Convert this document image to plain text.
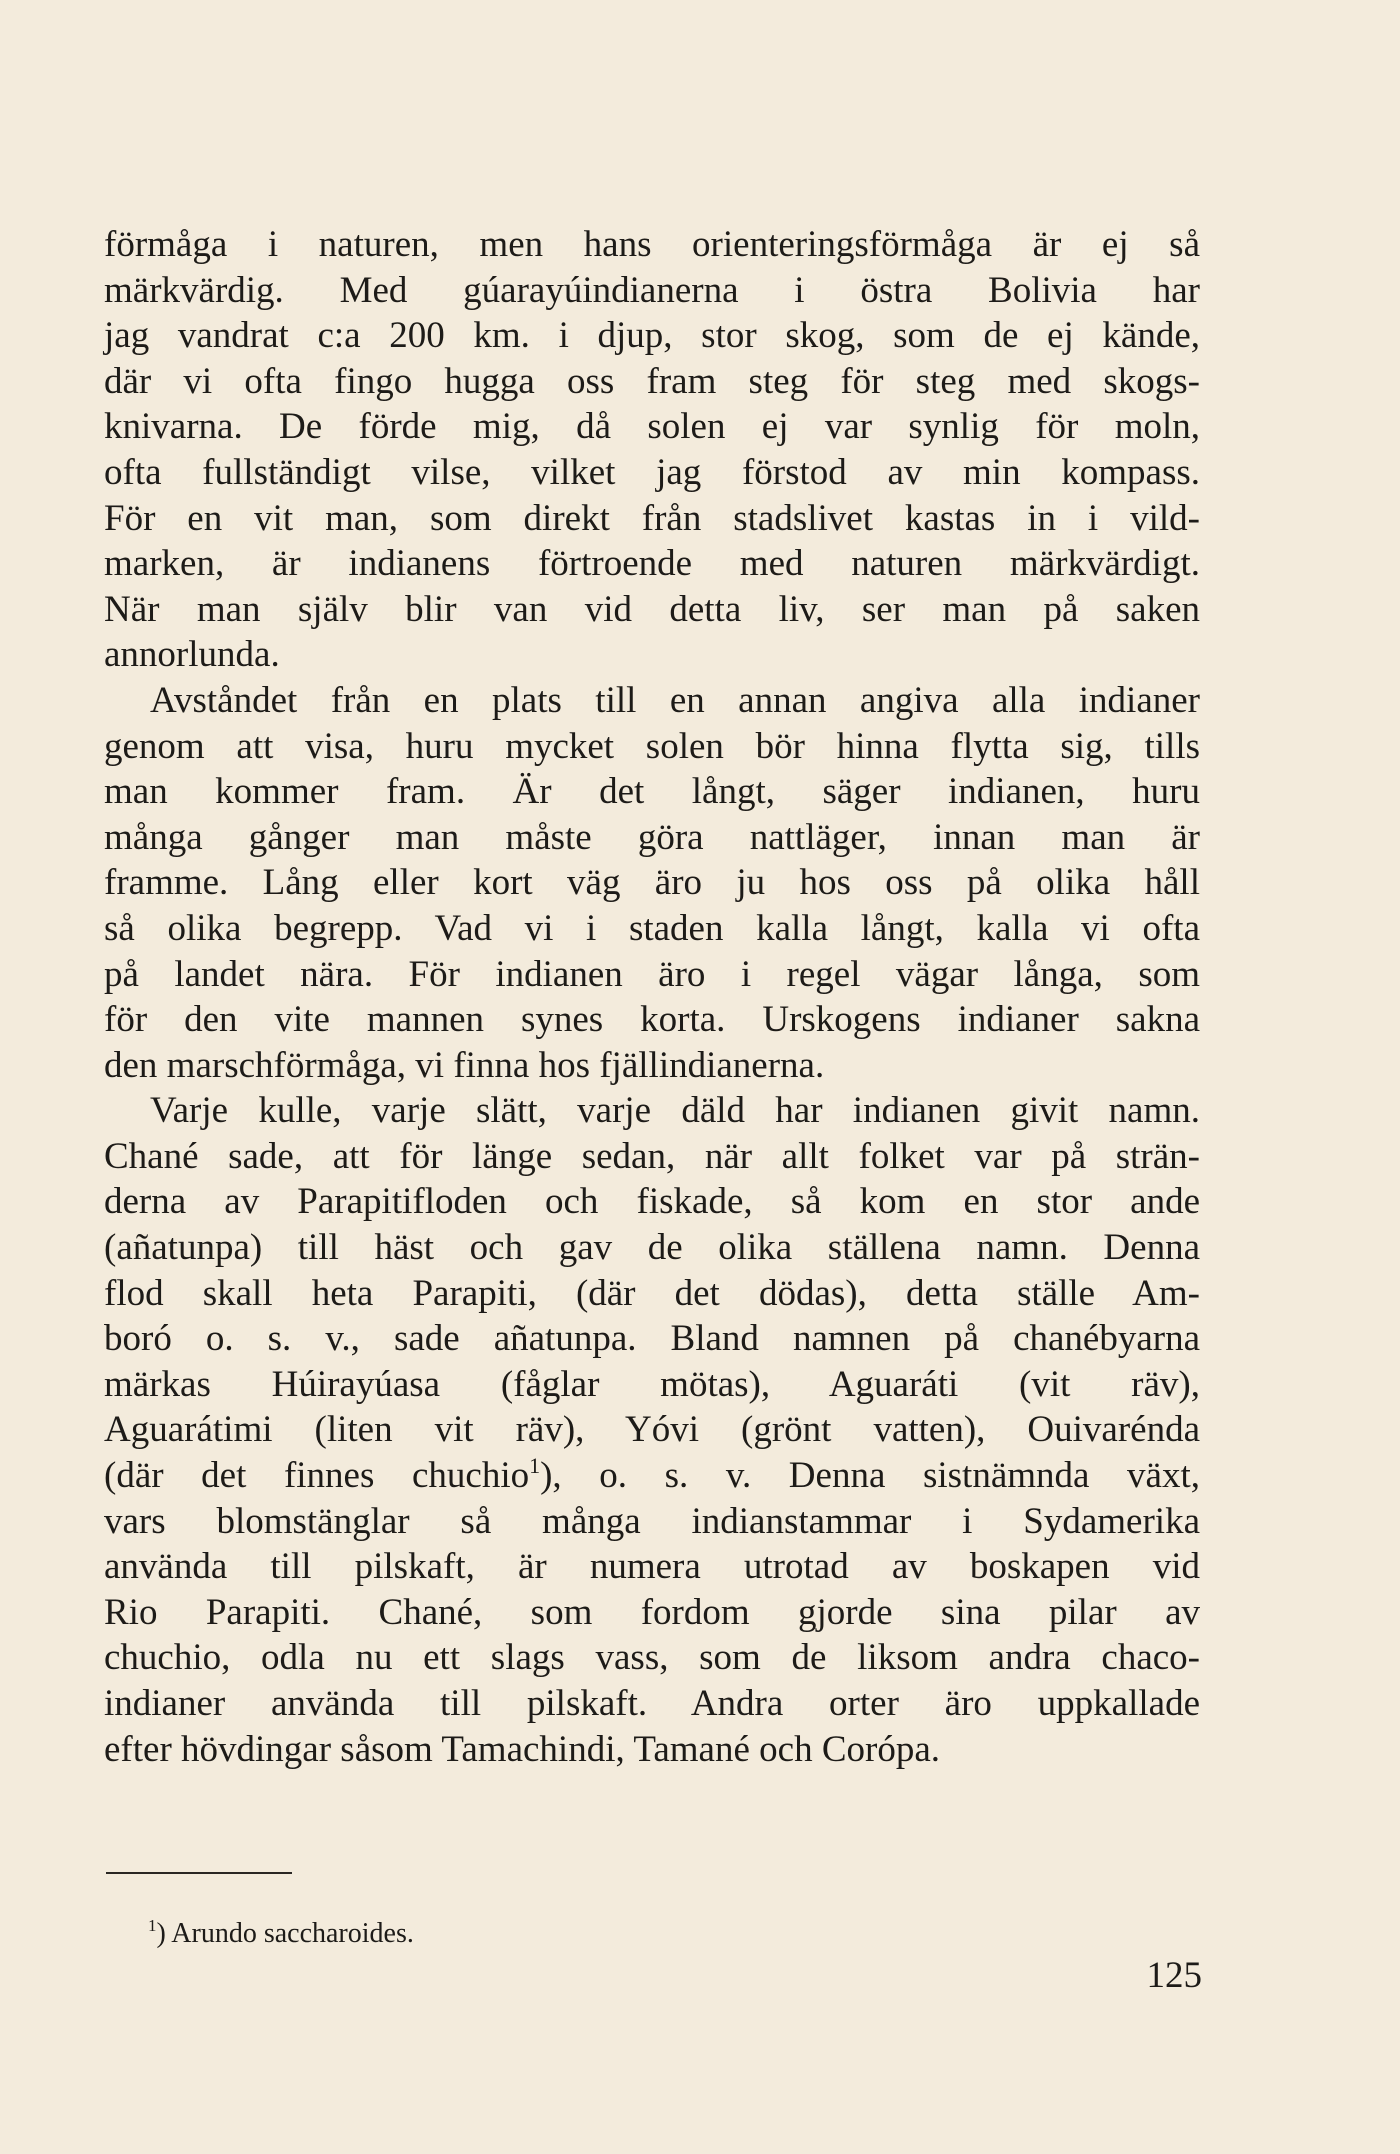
förmåga i naturen, men hans orienteringsförmåga är ej så
märkvärdig. Med gúarayúindianerna i östra Bolivia har
jag vandrat c:a 200 km. i djup, stor skog, som de ej kände,
där vi ofta fingo hugga oss fram steg för steg med skogs-
knivarna. De förde mig, då solen ej var synlig för moln,
ofta fullständigt vilse, vilket jag förstod av min kompass.
För en vit man, som direkt från stadslivet kastas in i vild-
marken, är indianens förtroende med naturen märkvärdigt.
När man själv blir van vid detta liv, ser man på saken
annorlunda.
Avståndet från en plats till en annan angiva alla indianer
genom att visa, huru mycket solen bör hinna flytta sig, tills
man kommer fram. Är det långt, säger indianen, huru
många gånger man måste göra nattläger, innan man är
framme. Lång eller kort väg äro ju hos oss på olika håll
så olika begrepp. Vad vi i staden kalla långt, kalla vi ofta
på landet nära. För indianen äro i regel vägar långa, som
för den vite mannen synes korta. Urskogens indianer sakna
den marschförmåga, vi finna hos fjällindianerna.
Varje kulle, varje slätt, varje däld har indianen givit namn.
Chané sade, att för länge sedan, när allt folket var på strän-
derna av Parapitifloden och fiskade, så kom en stor ande
(añatunpa) till häst och gav de olika ställena namn. Denna
flod skall heta Parapiti, (där det dödas), detta ställe Am-
boró o. s. v., sade añatunpa. Bland namnen på chanébyarna
märkas Húirayúasa (fåglar mötas), Aguaráti (vit räv),
Aguarátimi (liten vit räv), Yóvi (grönt vatten), Ouivarénda
(där det finnes chuchio$^1$), o. s. v. Denna sistnämnda växt,
vars blomstänglar så många indianstammar i Sydamerika
använda till pilskaft, är numera utrotad av boskapen vid
Rio Parapiti. Chané, som fordom gjorde sina pilar av
chuchio, odla nu ett slags vass, som de liksom andra chaco-
indianer använda till pilskaft. Andra orter äro uppkallade
efter hövdingar såsom Tamachindi, Tamané och Corópa.
$^1$) Arundo saccharoides.
125
